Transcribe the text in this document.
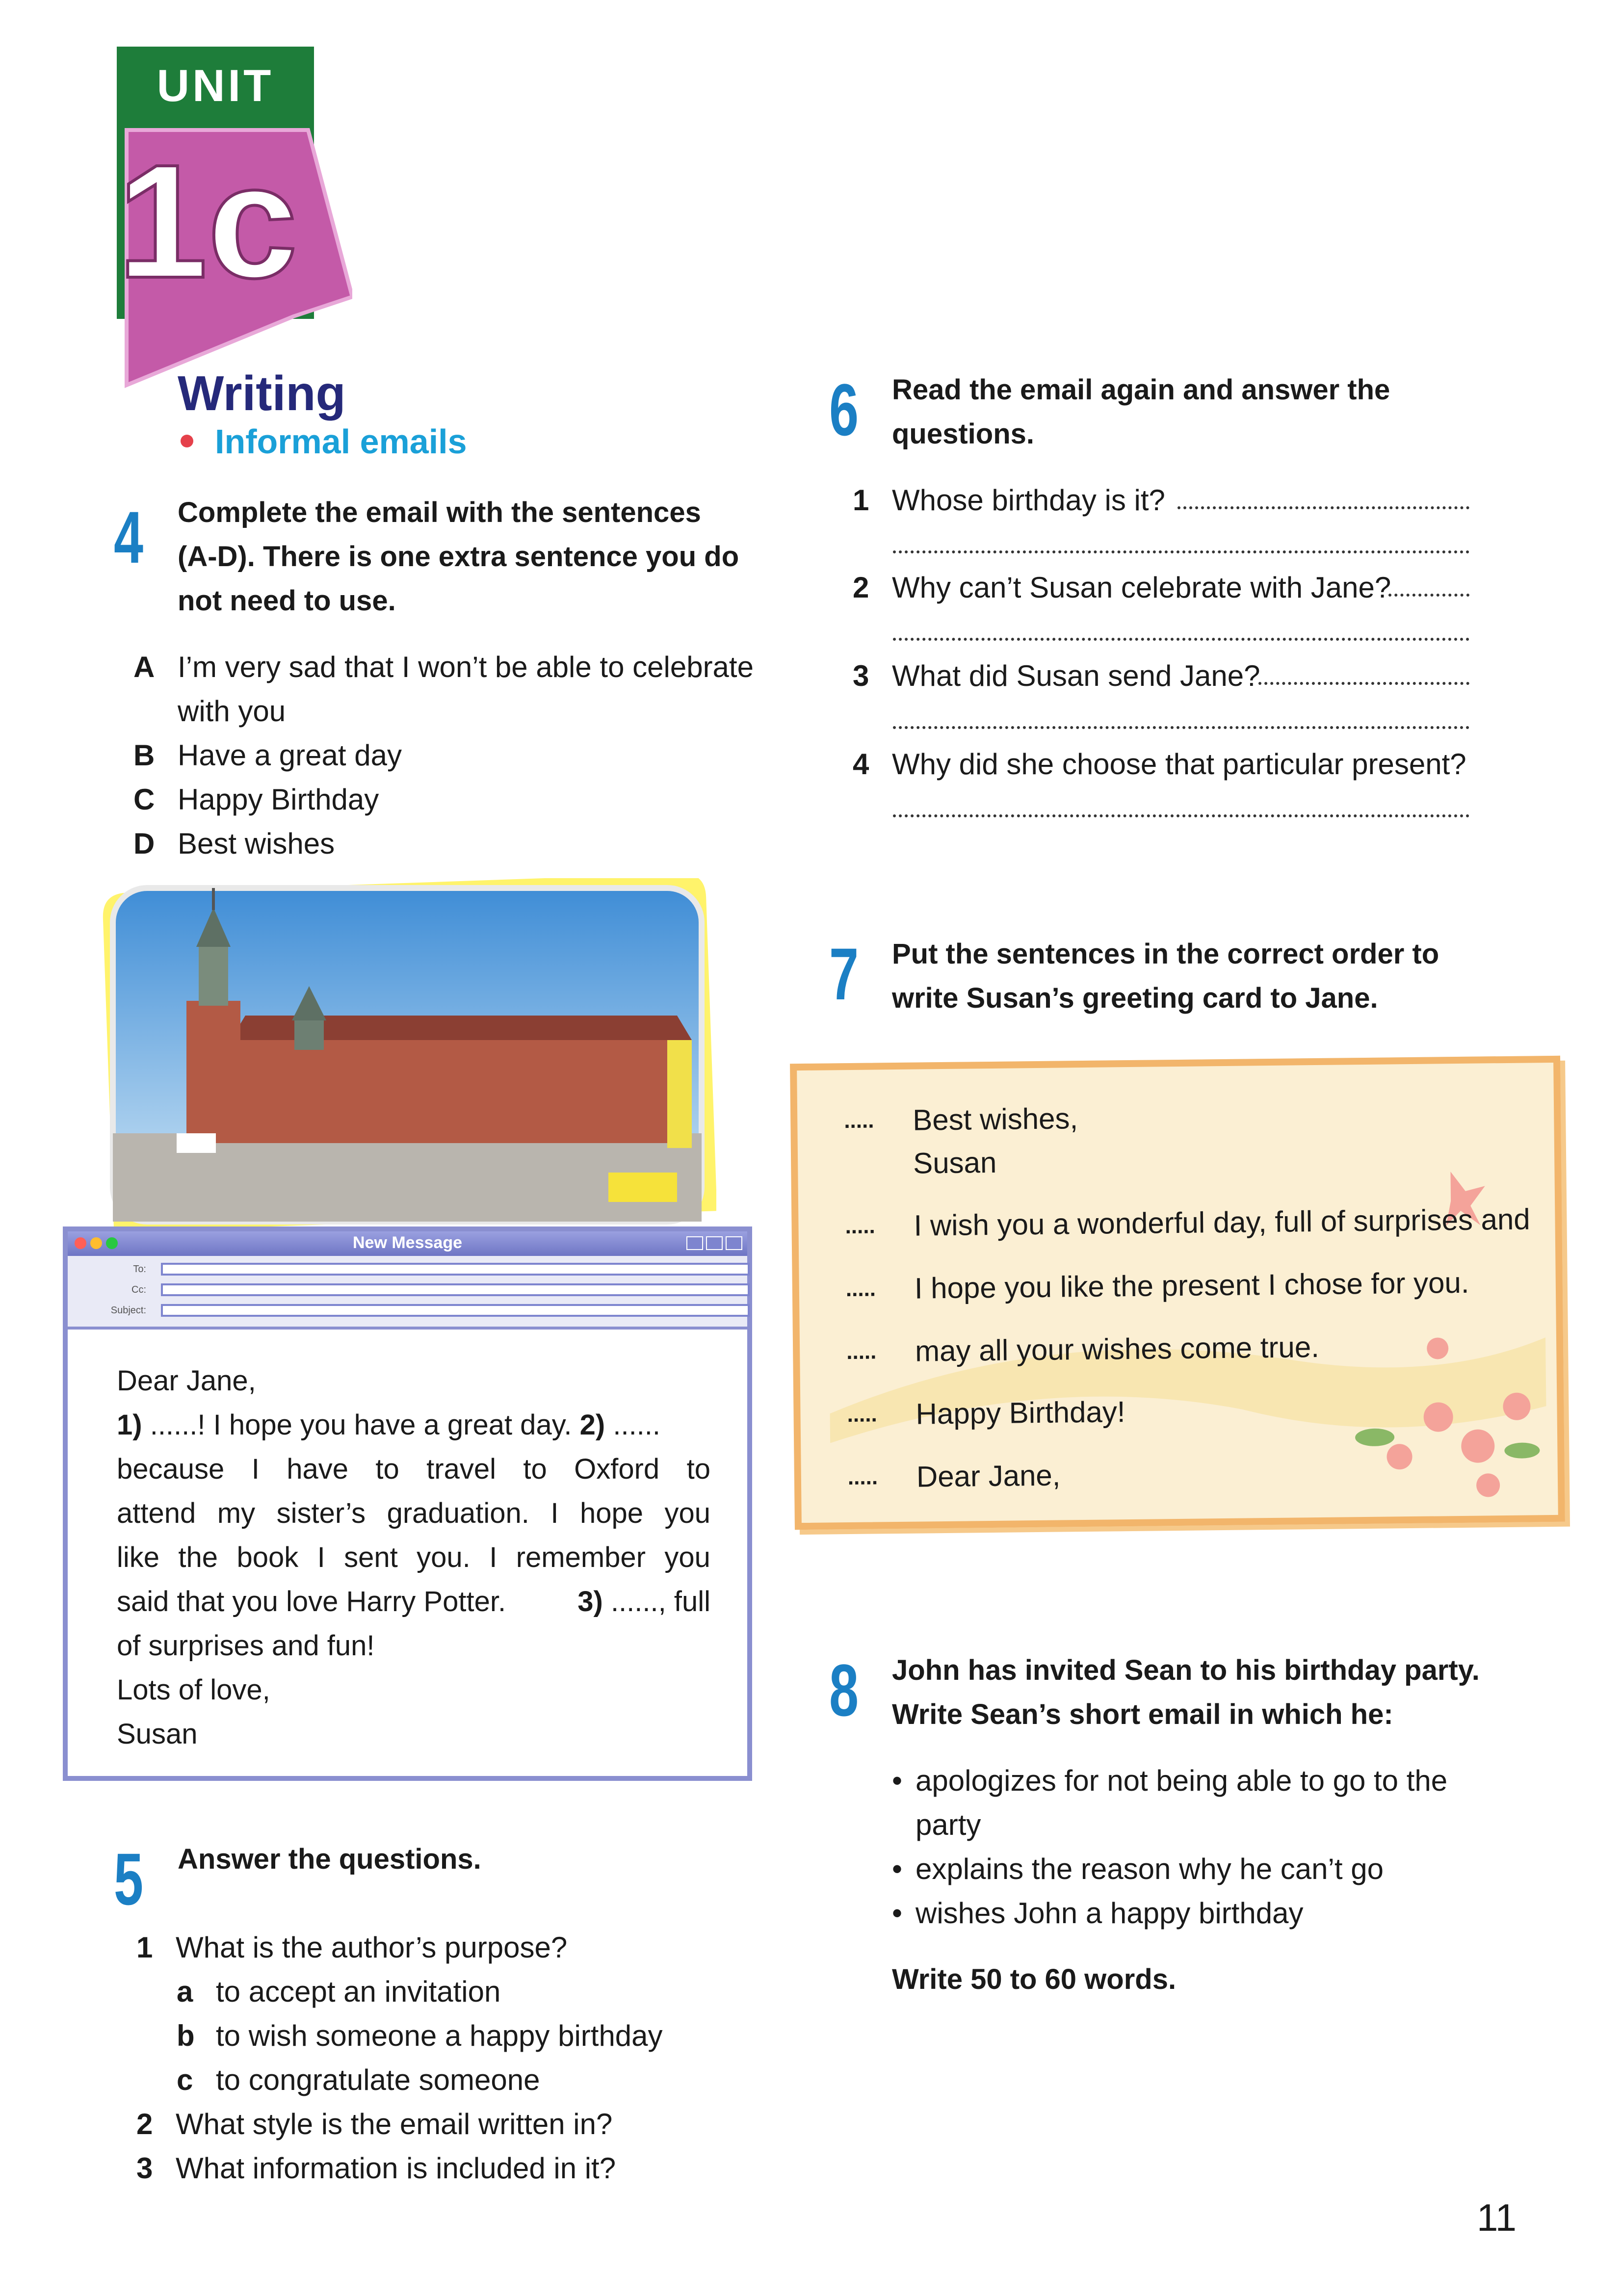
UNIT
1c
Writing
Informal emails
4 Complete the email with the sentences
(A-D). There is one extra sentence you do
not need to use.
A I’m very sad that I won’t be able to celebrate
with you
B Have a great day
C Happy Birthday
D Best wishes
New Message
To:
Cc:
Subject:
Dear Jane,
1) ......! I hope you have a great day. 2) ......
because I have to travel to Oxford to
attend my sister’s graduation. I hope you
like the book I sent you. I remember you
said that you love Harry Potter.	3) ......, full
of surprises and fun!
Lots of love,
Susan
5 Answer the questions.
1 What is the author’s purpose?
a to accept an invitation
b to wish someone a happy birthday
c to congratulate someone
2 What style is the email written in?
3 What information is included in it?
6 Read the email again and answer the
questions.
1 Whose birthday is it?
2 Why can’t Susan celebrate with Jane?
3 What did Susan send Jane?
4 Why did she choose that particular present?
7 Put the sentences in the correct order to
write Susan’s greeting card to Jane.
..... Best wishes,
Susan
..... I wish you a wonderful day, full of surprises and
..... I hope you like the present I chose for you.
..... may all your wishes come true.
..... Happy Birthday!
..... Dear Jane,
8 John has invited Sean to his birthday party.
Write Sean’s short email in which he:
• apologizes for not being able to go to the
party
• explains the reason why he can’t go
• wishes John a happy birthday
Write 50 to 60 words.
11
